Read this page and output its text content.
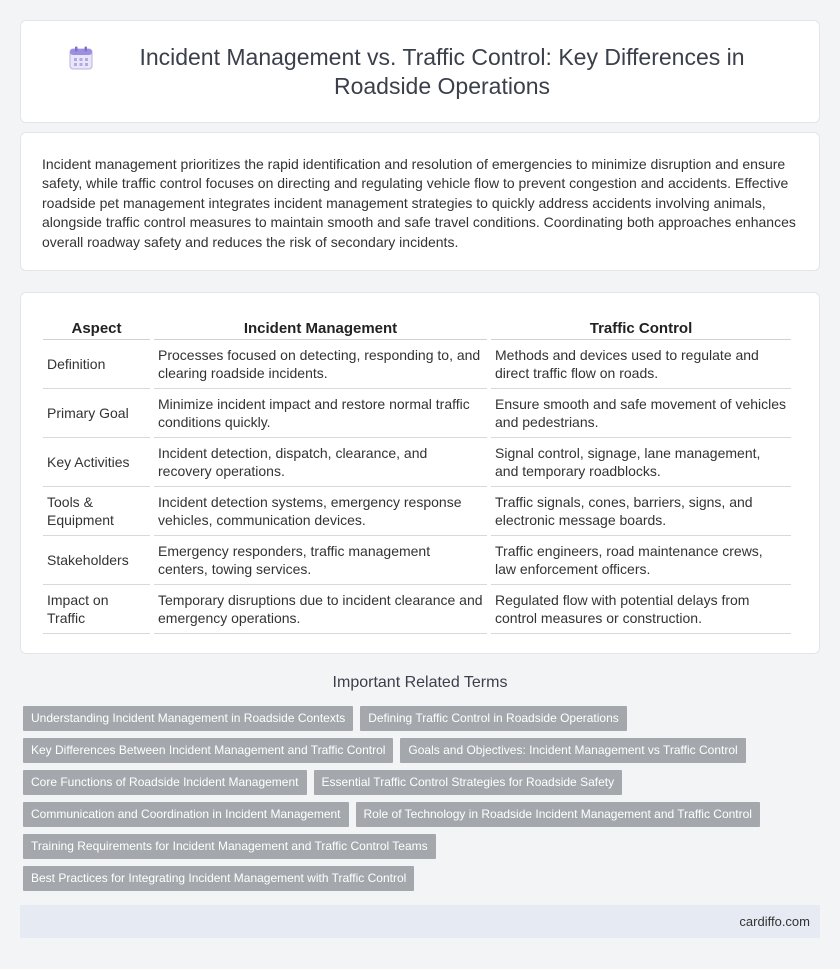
Incident Management vs. Traffic Control: Key Differences in Roadside Operations

Incident management prioritizes the rapid identification and resolution of emergencies to minimize disruption and ensure safety, while traffic control focuses on directing and regulating vehicle flow to prevent congestion and accidents. Effective roadside pet management integrates incident management strategies to quickly address accidents involving animals, alongside traffic control measures to maintain smooth and safe travel conditions. Coordinating both approaches enhances overall roadway safety and reduces the risk of secondary incidents.

Aspect	Incident Management	Traffic Control
Definition	Processes focused on detecting, responding to, and clearing roadside incidents.	Methods and devices used to regulate and direct traffic flow on roads.
Primary Goal	Minimize incident impact and restore normal traffic conditions quickly.	Ensure smooth and safe movement of vehicles and pedestrians.
Key Activities	Incident detection, dispatch, clearance, and recovery operations.	Signal control, signage, lane management, and temporary roadblocks.
Tools & Equipment	Incident detection systems, emergency response vehicles, communication devices.	Traffic signals, cones, barriers, signs, and electronic message boards.
Stakeholders	Emergency responders, traffic management centers, towing services.	Traffic engineers, road maintenance crews, law enforcement officers.
Impact on Traffic	Temporary disruptions due to incident clearance and emergency operations.	Regulated flow with potential delays from control measures or construction.
Important Related Terms
Understanding Incident Management in Roadside Contexts	Defining Traffic Control in Roadside Operations
Key Differences Between Incident Management and Traffic Control	Goals and Objectives: Incident Management vs Traffic Control
Core Functions of Roadside Incident Management	Essential Traffic Control Strategies for Roadside Safety
Communication and Coordination in Incident Management	Role of Technology in Roadside Incident Management and Traffic Control
Training Requirements for Incident Management and Traffic Control Teams
Best Practices for Integrating Incident Management with Traffic Control
cardiffo.com
